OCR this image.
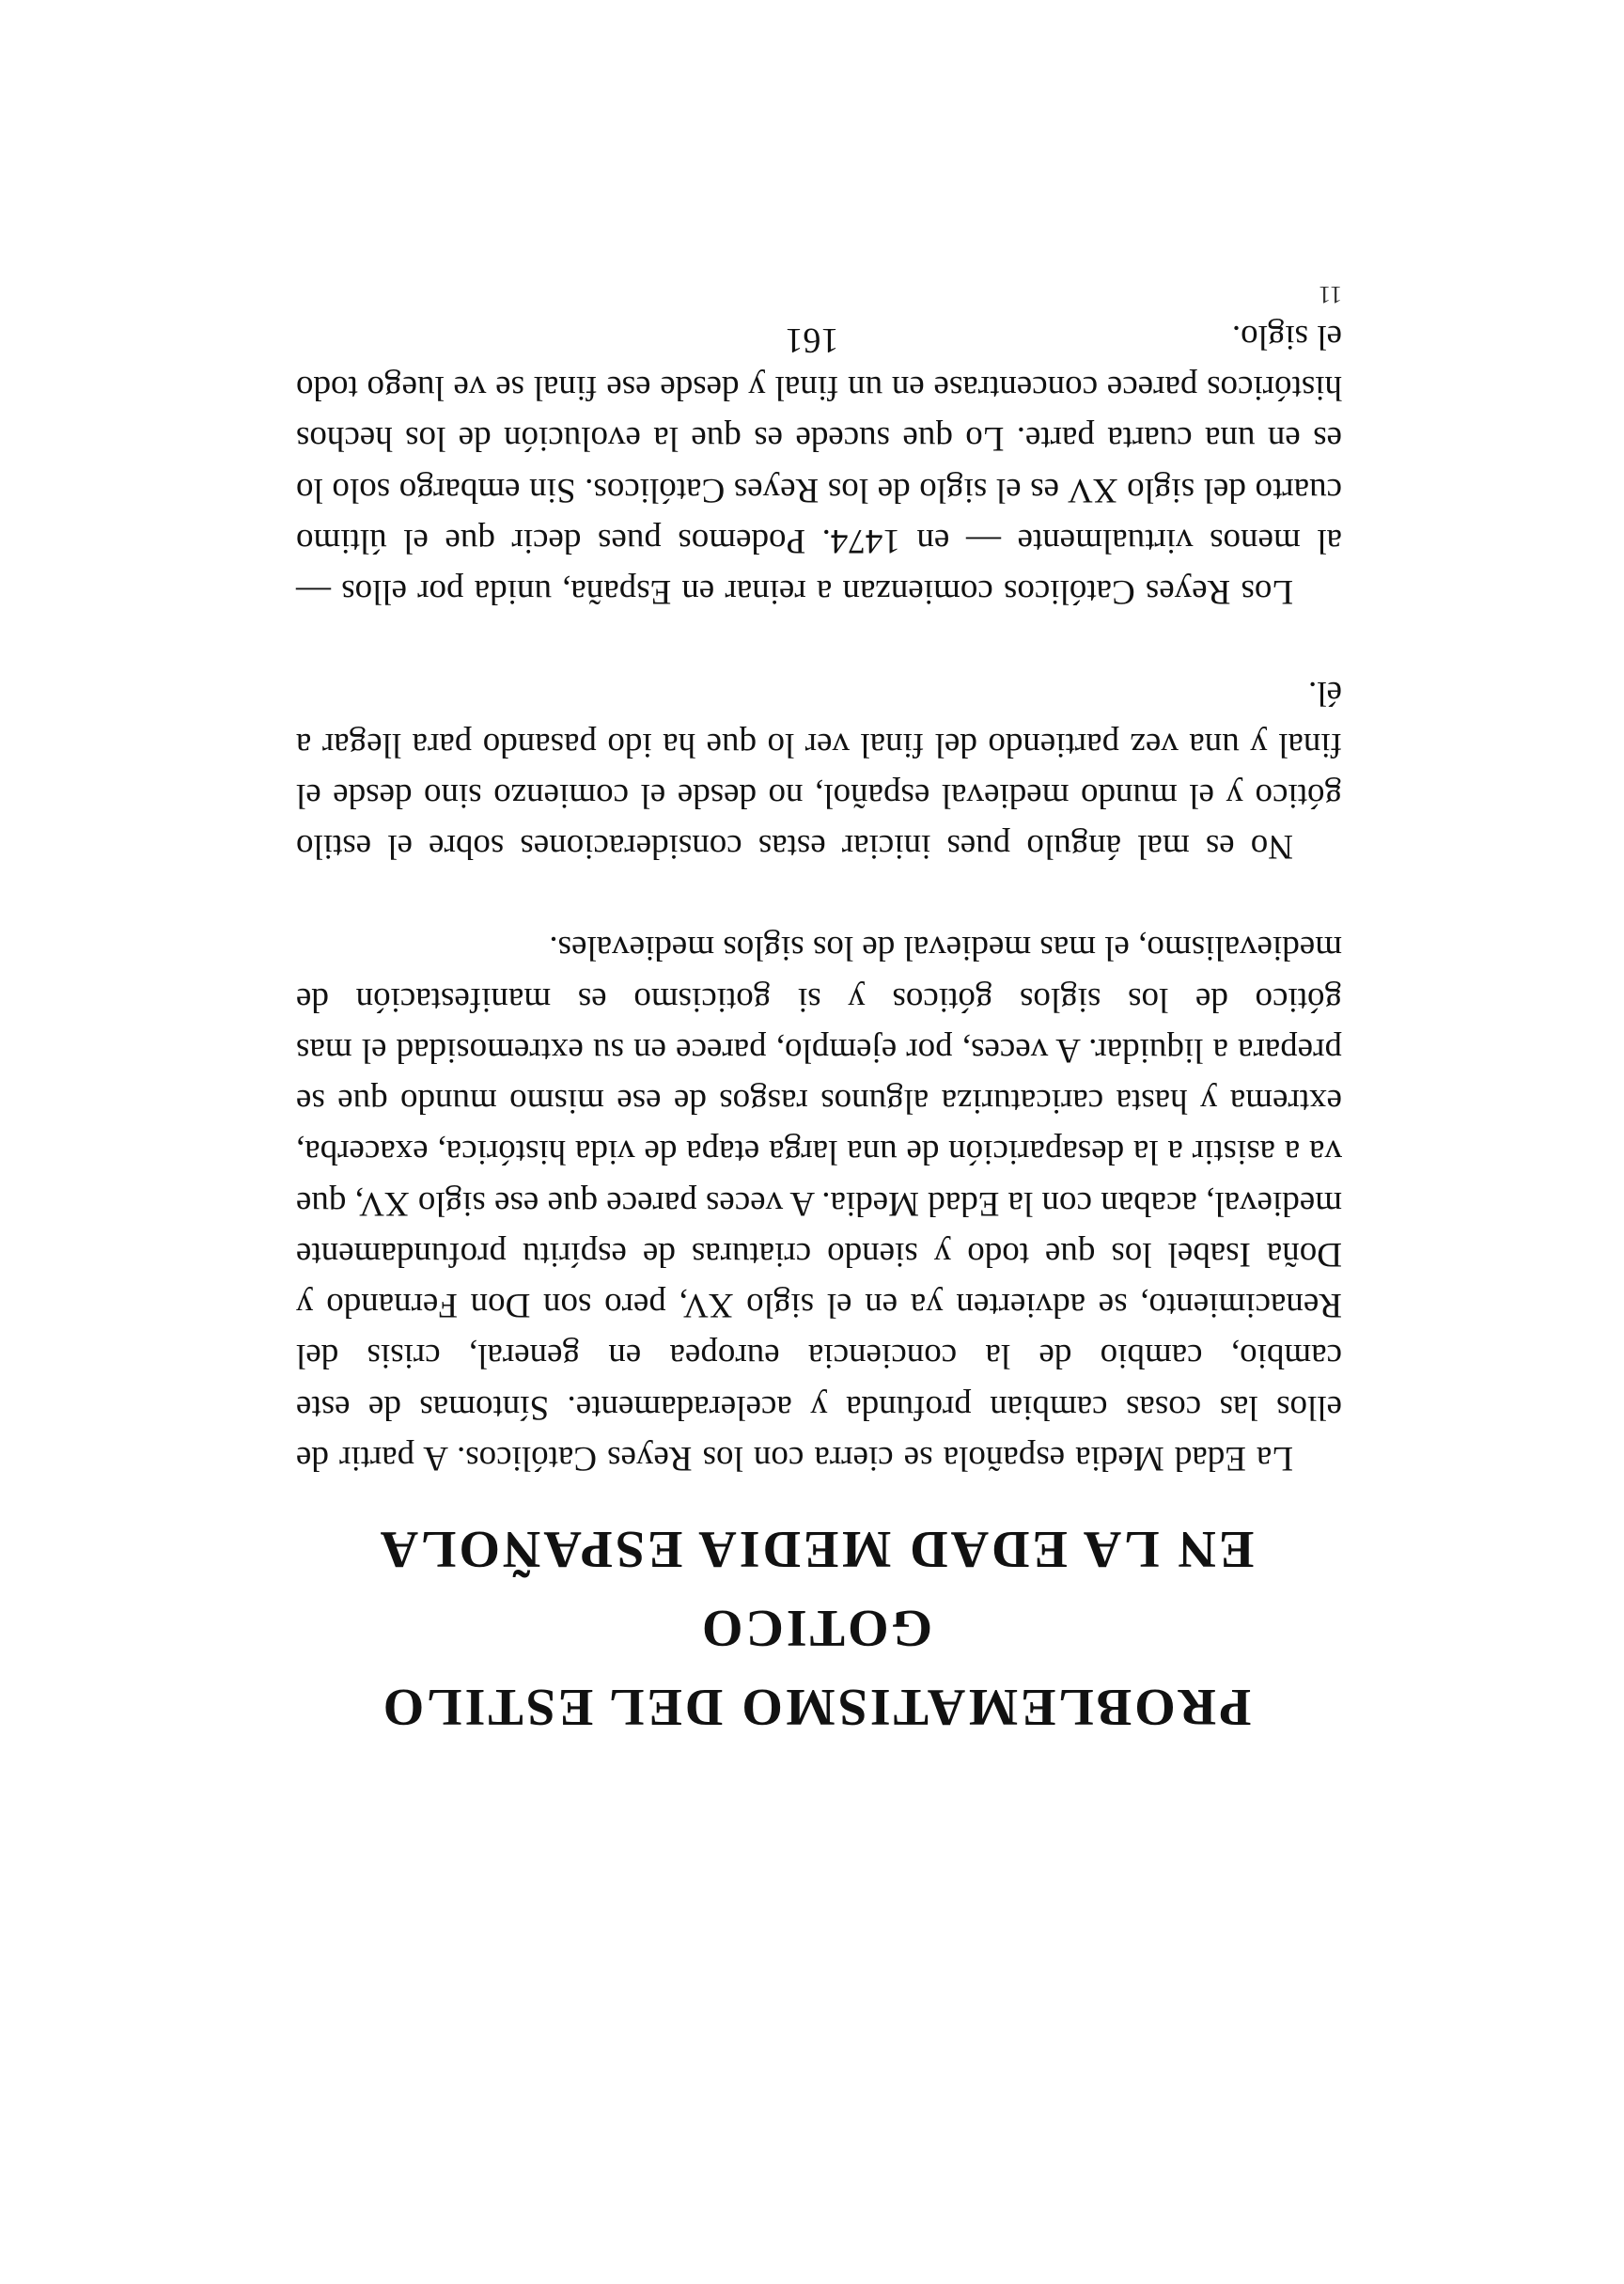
PROBLEMATISMO DEL ESTILO GOTICO
EN LA EDAD MEDIA ESPAÑOLA

La Edad Media española se cierra con los Reyes Católicos. A partir de ellos las cosas cambian profunda y aceleradamente. Síntomas de este cambio, cambio de la conciencia europea en general, crisis del Renacimiento, se advierten ya en el siglo XV, pero son Don Fernando y Doña Isabel los que todo y siendo criaturas de espíritu profundamente medieval, acaban con la Edad Media. A veces parece que ese siglo XV, que va a asistir a la desaparición de una larga etapa de vida histórica, exacerba, extrema y hasta caricaturiza algunos rasgos de ese mismo mundo que se prepara a liquidar. A veces, por ejemplo, parece en su extremosidad el mas gótico de los siglos góticos y si goticismo es manifestación de medievalismo, el mas medieval de los siglos medievales.

No es mal ángulo pues iniciar estas consideraciones sobre el estilo gótico y el mundo medieval español, no desde el comienzo sino desde el final y una vez partiendo del final ver lo que ha ido pasando para llegar a él.

Los Reyes Católicos comienzan a reinar en España, unida por ellos — al menos virtualmente — en 1474. Podemos pues decir que el último cuarto del siglo XV es el siglo de los Reyes Católicos. Sin embargo solo lo es en una cuarta parte. Lo que sucede es que la evolución de los hechos históricos parece concentrase en un final y desde ese final se ve luego todo el siglo.

161
11
